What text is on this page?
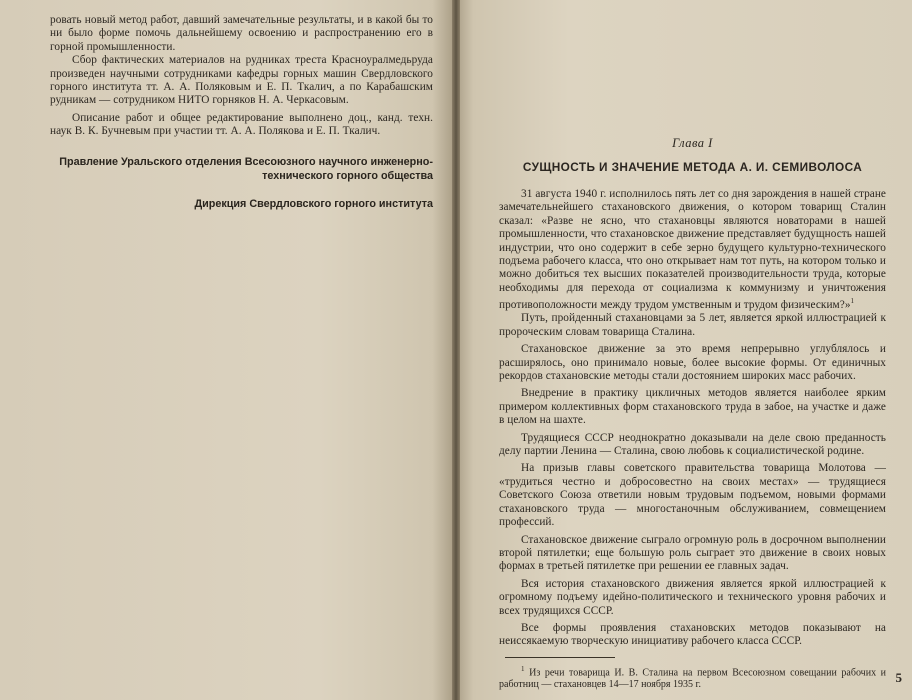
ровать новый метод работ, давший замечательные результаты, и в какой бы то ни было форме помочь дальнейшему освоению и распространению его в горной промышленности.

Сбор фактических материалов на рудниках треста Красноуралмедьруда произведен научными сотрудниками кафедры горных машин Свердловского горного института тт. А. А. Поляковым и Е. П. Ткалич, а по Карабашским рудникам — сотрудником НИТО горняков Н. А. Черкасовым.

Описание работ и общее редактирование выполнено доц., канд. техн. наук В. К. Бучневым при участии тт. А. А. Полякова и Е. П. Ткалич.

Правление Уральского отделения Всесоюзного научного инженерно-технического горного общества

Дирекция Свердловского горного института

Глава I

СУЩНОСТЬ И ЗНАЧЕНИЕ МЕТОДА А. И. СЕМИВОЛОСА

31 августа 1940 г. исполнилось пять лет со дня зарождения в нашей стране замечательнейшего стахановского движения, о котором товарищ Сталин сказал: «Разве не ясно, что стахановцы являются новаторами в нашей промышленности, что стахановское движение представляет будущность нашей индустрии, что оно содержит в себе зерно будущего культурно-технического подъема рабочего класса, что оно открывает нам тот путь, на котором только и можно добиться тех высших показателей производительности труда, которые необходимы для перехода от социализма к коммунизму и уничтожения противоположности между трудом умственным и трудом физическим?»$^1$

Путь, пройденный стахановцами за 5 лет, является яркой иллюстрацией к пророческим словам товарища Сталина.

Стахановское движение за это время непрерывно углублялось и расширялось, оно принимало новые, более высокие формы. От единичных рекордов стахановские методы стали достоянием широких масс рабочих.

Внедрение в практику цикличных методов является наиболее ярким примером коллективных форм стахановского труда в забое, на участке и даже в целом на шахте.

Трудящиеся СССР неоднократно доказывали на деле свою преданность делу партии Ленина — Сталина, свою любовь к социалистической родине.

На призыв главы советского правительства товарища Молотова — «трудиться честно и добросовестно на своих местах» — трудящиеся Советского Союза ответили новым трудовым подъемом, новыми формами стахановского труда — многостаночным обслуживанием, совмещением профессий.

Стахановское движение сыграло огромную роль в досрочном выполнении второй пятилетки; еще большую роль сыграет это движение в своих новых формах в третьей пятилетке при решении ее главных задач.

Вся история стахановского движения является яркой иллюстрацией к огромному подъему идейно-политического и технического уровня рабочих и всех трудящихся СССР.

Все формы проявления стахановских методов показывают на неиссякаемую творческую инициативу рабочего класса СССР.

$^1$ Из речи товарища И. В. Сталина на первом Всесоюзном совещании рабочих и работниц — стахановцев 14—17 ноября 1935 г.	5
